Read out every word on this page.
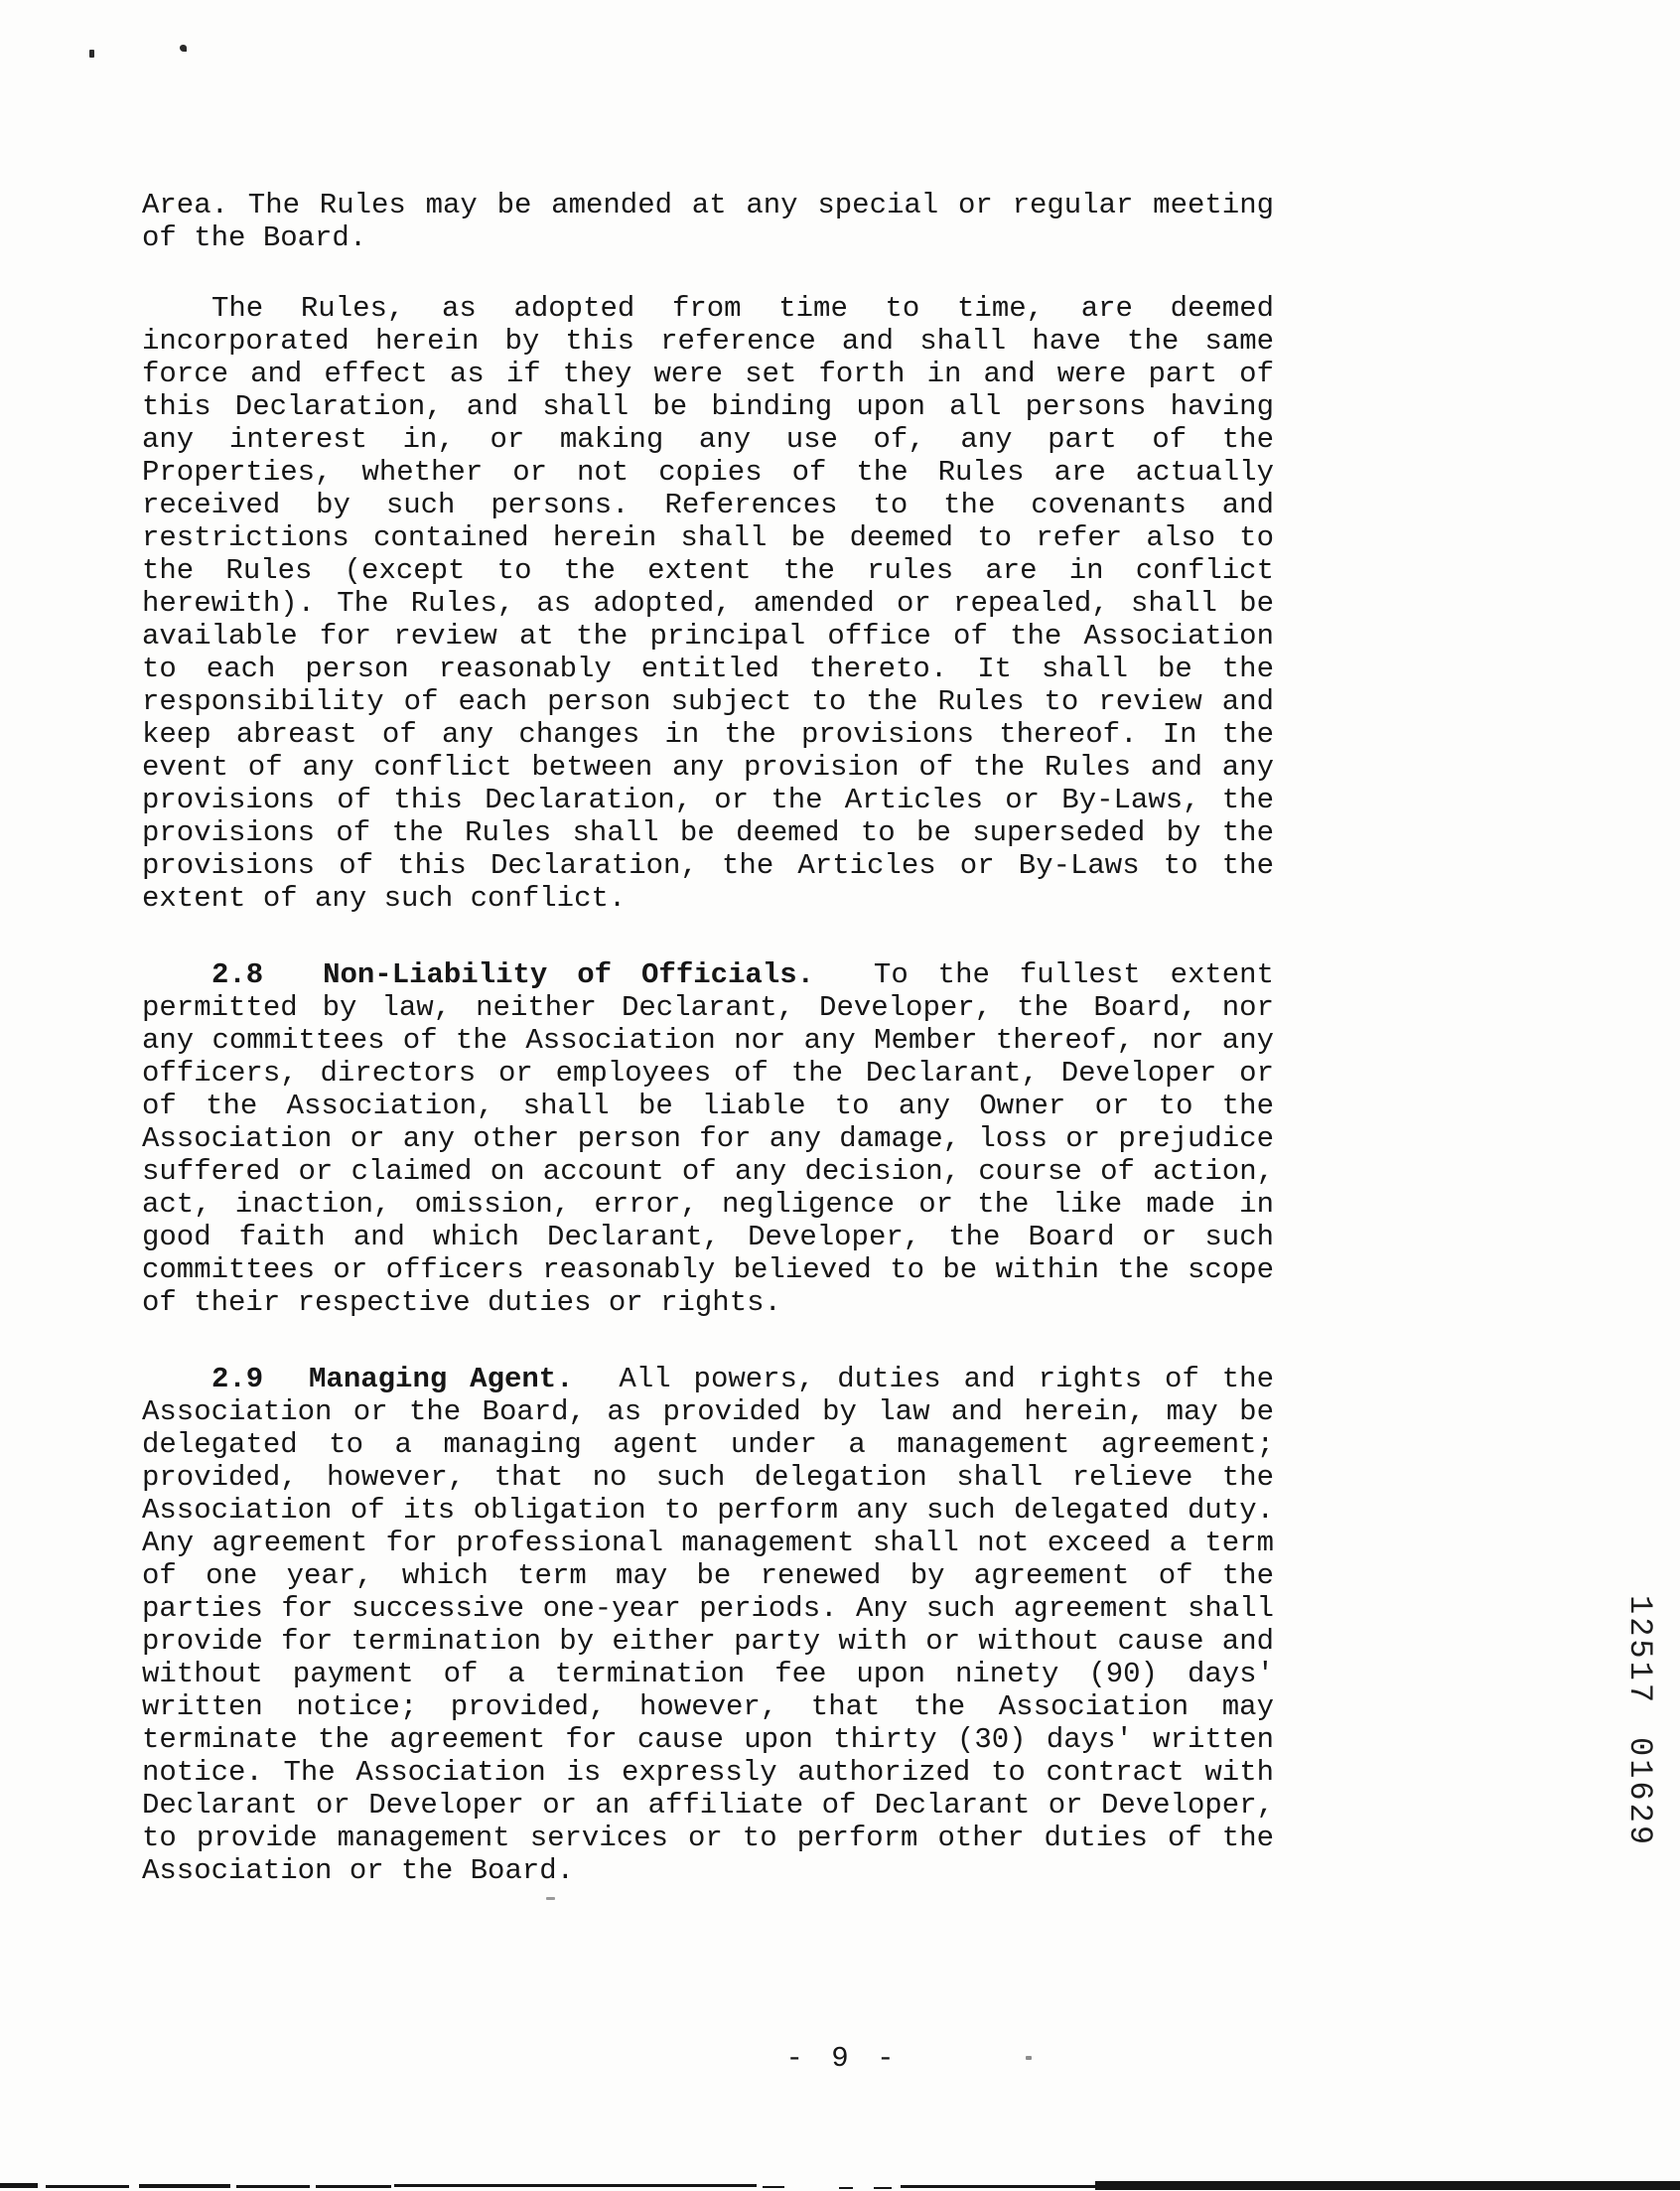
Area. The Rules may be amended at any special or regular meeting of the Board.

The Rules, as adopted from time to time, are deemed incorporated herein by this reference and shall have the same force and effect as if they were set forth in and were part of this Declaration, and shall be binding upon all persons having any interest in, or making any use of, any part of the Properties, whether or not copies of the Rules are actually received by such persons. References to the covenants and restrictions contained herein shall be deemed to refer also to the Rules (except to the extent the rules are in conflict herewith). The Rules, as adopted, amended or repealed, shall be available for review at the principal office of the Association to each person reasonably entitled thereto. It shall be the responsibility of each person subject to the Rules to review and keep abreast of any changes in the provisions thereof. In the event of any conflict between any provision of the Rules and any provisions of this Declaration, or the Articles or By-Laws, the provisions of the Rules shall be deemed to be superseded by the provisions of this Declaration, the Articles or By-Laws to the extent of any such conflict.

2.8  Non-Liability of Officials.  To the fullest extent permitted by law, neither Declarant, Developer, the Board, nor any committees of the Association nor any Member thereof, nor any officers, directors or employees of the Declarant, Developer or of the Association, shall be liable to any Owner or to the Association or any other person for any damage, loss or prejudice suffered or claimed on account of any decision, course of action, act, inaction, omission, error, negligence or the like made in good faith and which Declarant, Developer, the Board or such committees or officers reasonably believed to be within the scope of their respective duties or rights.

2.9  Managing Agent.  All powers, duties and rights of the Association or the Board, as provided by law and herein, may be delegated to a managing agent under a management agreement; provided, however, that no such delegation shall relieve the Association of its obligation to perform any such delegated duty. Any agreement for professional management shall not exceed a term of one year, which term may be renewed by agreement of the parties for successive one-year periods. Any such agreement shall provide for termination by either party with or without cause and without payment of a termination fee upon ninety (90) days' written notice; provided, however, that the Association may terminate the agreement for cause upon thirty (30) days' written notice. The Association is expressly authorized to contract with Declarant or Developer or an affiliate of Declarant or Developer, to provide management services or to perform other duties of the Association or the Board.

- 9 -
1251701629
